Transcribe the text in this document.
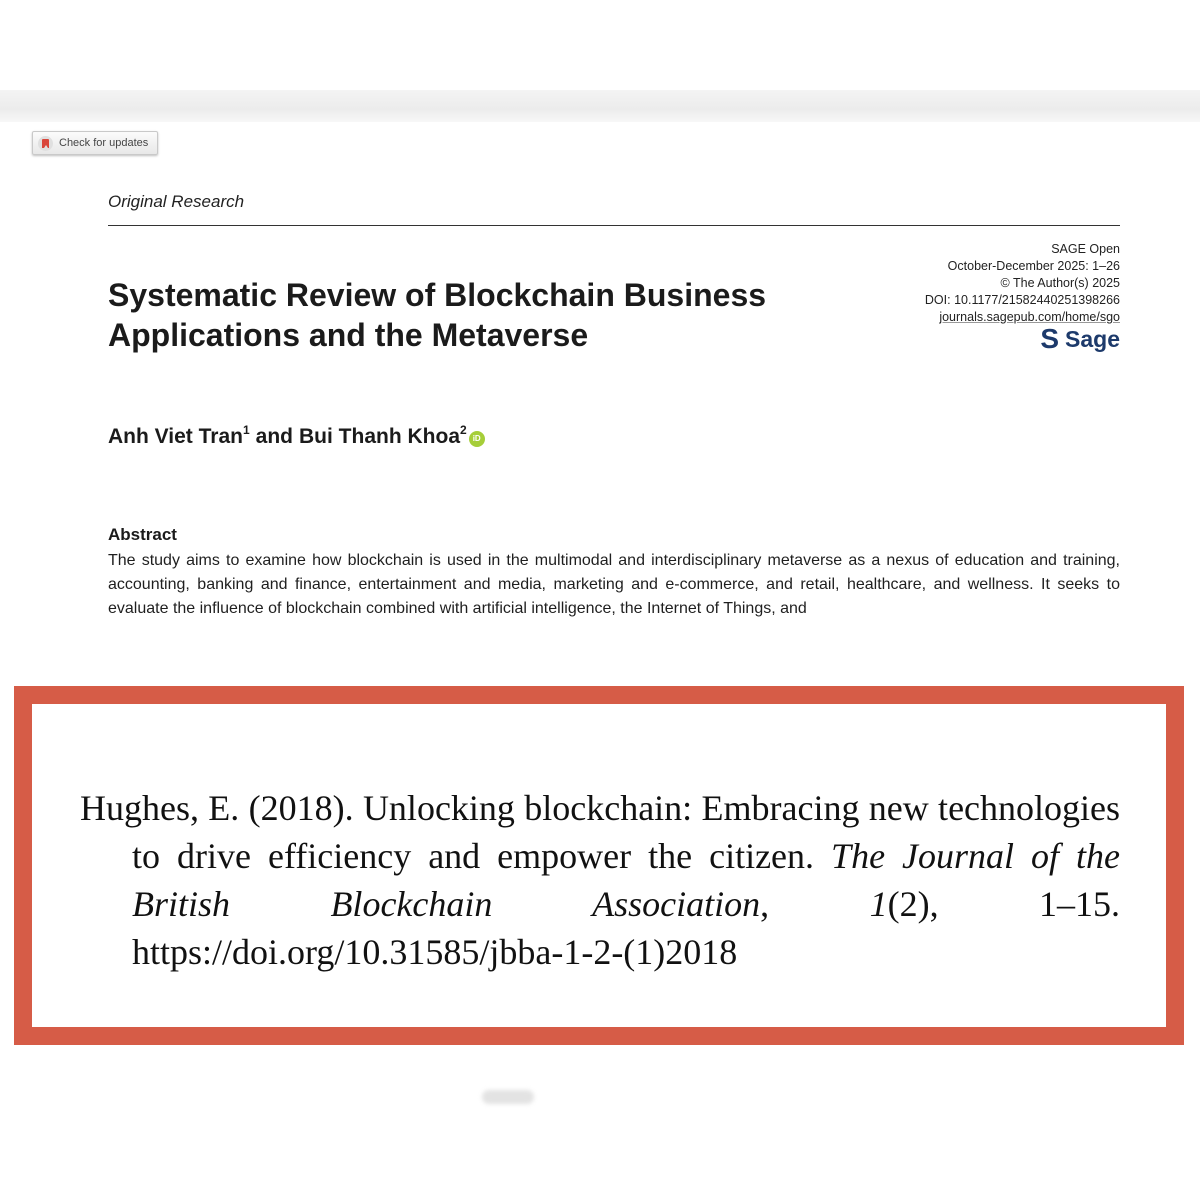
Check for updates
Original Research
SAGE Open
October-December 2025: 1–26
© The Author(s) 2025
DOI: 10.1177/21582440251398266
journals.sagepub.com/home/sgo
S Sage
Systematic Review of Blockchain Business Applications and the Metaverse
Anh Viet Tran$^1$ and Bui Thanh Khoa$^2$
iD
Abstract
The study aims to examine how blockchain is used in the multimodal and interdisciplinary metaverse as a nexus of education and training, accounting, banking and finance, entertainment and media, marketing and e-commerce, and retail, healthcare, and wellness. It seeks to evaluate the influence of blockchain combined with artificial intelligence, the Internet of Things, and
Hughes, E. (2018). Unlocking blockchain: Embracing new technologies to drive efficiency and empower the citizen. The Journal of the British Blockchain Association, 1(2),	1–15. https://doi.org/10.31585/jbba-1-2-(1)2018
